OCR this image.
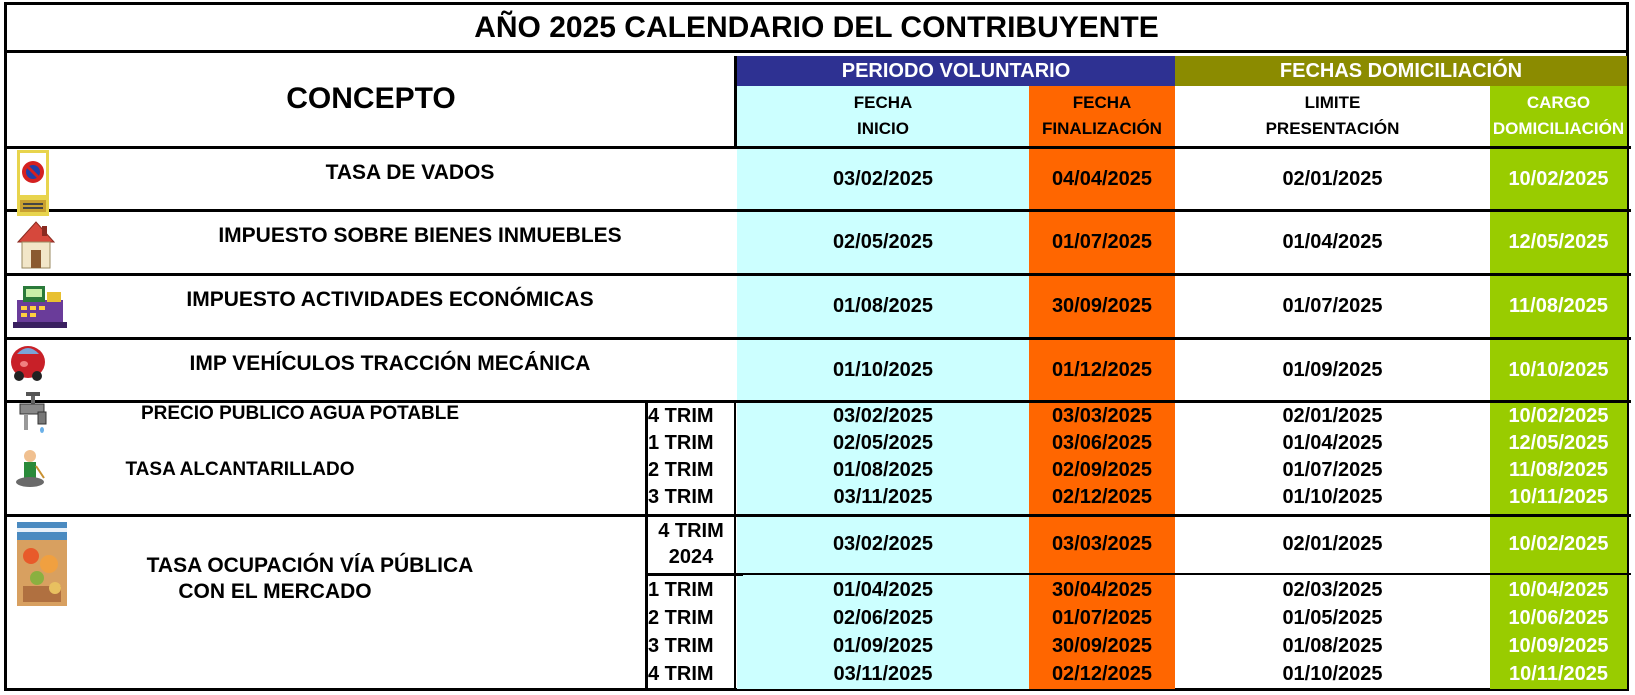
AÑO 2025 CALENDARIO DEL CONTRIBUYENTE
CONCEPTO
PERIODO VOLUNTARIO	FECHAS DOMICILIACIÓN
FECHA
INICIO
FECHA
FINALIZACIÓN
LIMITE
PRESENTACIÓN
CARGO
DOMICILIACIÓN
TASA DE VADOS	03/02/2025	04/04/2025	02/01/2025	10/02/2025
IMPUESTO SOBRE BIENES INMUEBLES	02/05/2025	01/07/2025	01/04/2025	12/05/2025
IMPUESTO ACTIVIDADES ECONÓMICAS	01/08/2025	30/09/2025	01/07/2025	11/08/2025
IMP VEHÍCULOS TRACCIÓN MECÁNICA	01/10/2025	01/12/2025	01/09/2025	10/10/2025
PRECIO PUBLICO AGUA POTABLE
TASA ALCANTARILLADO
4 TRIM	03/02/2025	03/03/2025	02/01/2025	10/02/2025
1 TRIM	02/05/2025	03/06/2025	01/04/2025	12/05/2025
2 TRIM	01/08/2025	02/09/2025	01/07/2025	11/08/2025
3 TRIM	03/11/2025	02/12/2025	01/10/2025	10/11/2025
TASA OCUPACIÓN VÍA PÚBLICA
CON EL MERCADO
4 TRIM
2024
03/02/2025	03/03/2025	02/01/2025	10/02/2025
1 TRIM	01/04/2025	30/04/2025	02/03/2025	10/04/2025
2 TRIM	02/06/2025	01/07/2025	01/05/2025	10/06/2025
3 TRIM	01/09/2025	30/09/2025	01/08/2025	10/09/2025
4 TRIM	03/11/2025	02/12/2025	01/10/2025	10/11/2025
